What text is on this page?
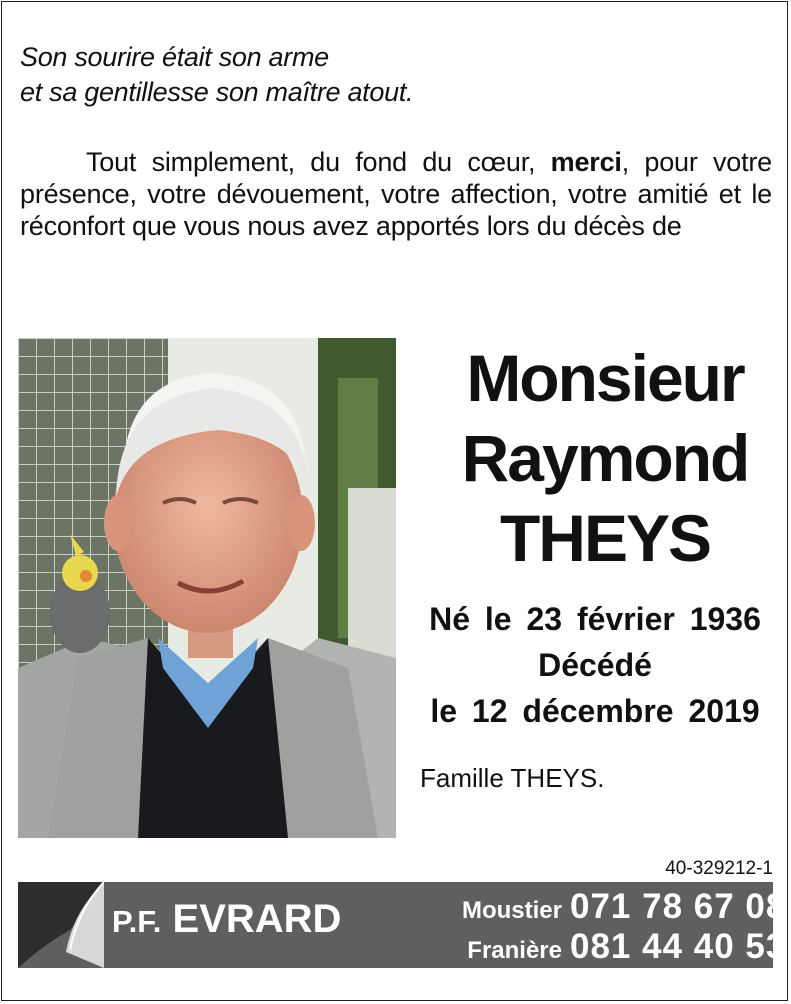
Son sourire était son arme
et sa gentillesse son maître atout.
Tout simplement, du fond du cœur, merci, pour votre présence, votre dévouement, votre affection, votre amitié et le réconfort que vous nous avez apportés lors du décès de
Monsieur
Raymond
THEYS
Né le 23 février 1936
Décédé
le 12 décembre 2019
Famille THEYS.
40-329212-1
P.F. EVRARD	Moustier 071 78 67 08
Franière 081 44 40 53
